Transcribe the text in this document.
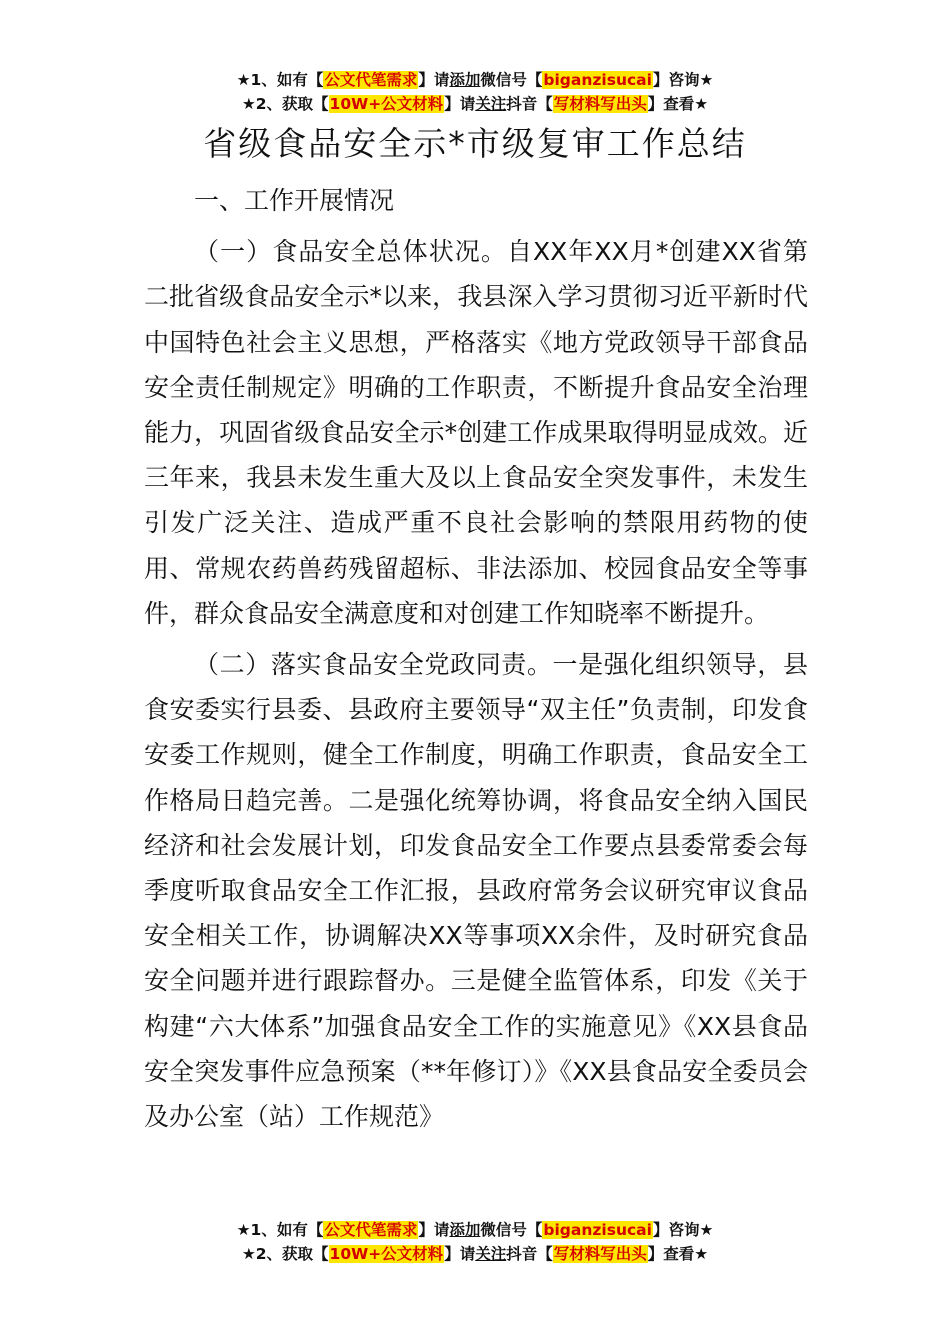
★1、如有【公文代笔需求】请添加微信号【biganzisucai】咨询★
★2、获取【10W+公文材料】请关注抖音【写材料写出头】查看★
省级食品安全示*市级复审工作总结

一、工作开展情况

（一）食品安全总体状况。自XX年XX月*创建XX省第二批省级食品安全示*以来，我县深入学习贯彻习近平新时代中国特色社会主义思想，严格落实《地方党政领导干部食品安全责任制规定》明确的工作职责，不断提升食品安全治理能力，巩固省级食品安全示*创建工作成果取得明显成效。近三年来，我县未发生重大及以上食品安全突发事件，未发生引发广泛关注、造成严重不良社会影响的禁限用药物的使用、常规农药兽药残留超标、非法添加、校园食品安全等事件，群众食品安全满意度和对创建工作知晓率不断提升。

（二）落实食品安全党政同责。一是强化组织领导，县食安委实行县委、县政府主要领导“双主任”负责制，印发食安委工作规则，健全工作制度，明确工作职责，食品安全工作格局日趋完善。二是强化统筹协调，将食品安全纳入国民经济和社会发展计划，印发食品安全工作要点县委常委会每季度听取食品安全工作汇报，县政府常务会议研究审议食品安全相关工作，协调解决XX等事项XX余件，及时研究食品安全问题并进行跟踪督办。三是健全监管体系，印发《关于构建“六大体系”加强食品安全工作的实施意见》《XX县食品安全突发事件应急预案（**年修订）》《XX县食品安全委员会及办公室（站）工作规范》

★1、如有【公文代笔需求】请添加微信号【biganzisucai】咨询★
★2、获取【10W+公文材料】请关注抖音【写材料写出头】查看★
